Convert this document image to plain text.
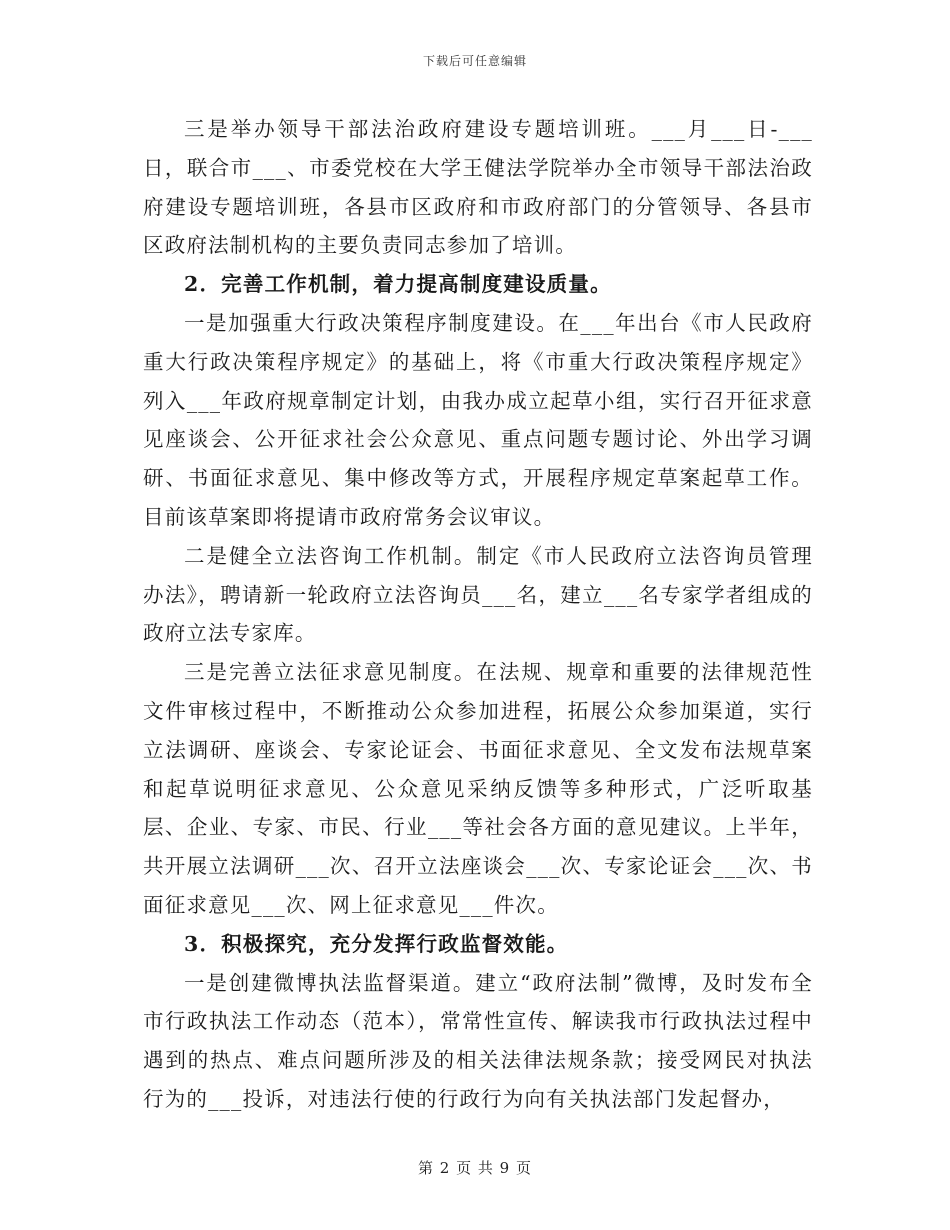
下载后可任意编辑

三是举办领导干部法治政府建设专题培训班。___月___日-___日，联合市___、市委党校在大学王健法学院举办全市领导干部法治政府建设专题培训班，各县市区政府和市政府部门的分管领导、各县市区政府法制机构的主要负责同志参加了培训。

2．完善工作机制，着力提高制度建设质量。

一是加强重大行政决策程序制度建设。在___年出台《市人民政府重大行政决策程序规定》的基础上，将《市重大行政决策程序规定》列入___年政府规章制定计划，由我办成立起草小组，实行召开征求意见座谈会、公开征求社会公众意见、重点问题专题讨论、外出学习调研、书面征求意见、集中修改等方式，开展程序规定草案起草工作。目前该草案即将提请市政府常务会议审议。

二是健全立法咨询工作机制。制定《市人民政府立法咨询员管理办法》，聘请新一轮政府立法咨询员___名，建立___名专家学者组成的政府立法专家库。

三是完善立法征求意见制度。在法规、规章和重要的法律规范性文件审核过程中，不断推动公众参加进程，拓展公众参加渠道，实行立法调研、座谈会、专家论证会、书面征求意见、全文发布法规草案和起草说明征求意见、公众意见采纳反馈等多种形式，广泛听取基层、企业、专家、市民、行业___等社会各方面的意见建议。上半年，共开展立法调研___次、召开立法座谈会___次、专家论证会___次、书面征求意见___次、网上征求意见___件次。

3．积极探究，充分发挥行政监督效能。

一是创建微博执法监督渠道。建立“政府法制”微博，及时发布全市行政执法工作动态（范本），常常性宣传、解读我市行政执法过程中遇到的热点、难点问题所涉及的相关法律法规条款；接受网民对执法行为的___投诉，对违法行使的行政行为向有关执法部门发起督办，

第 2 页 共 9 页
